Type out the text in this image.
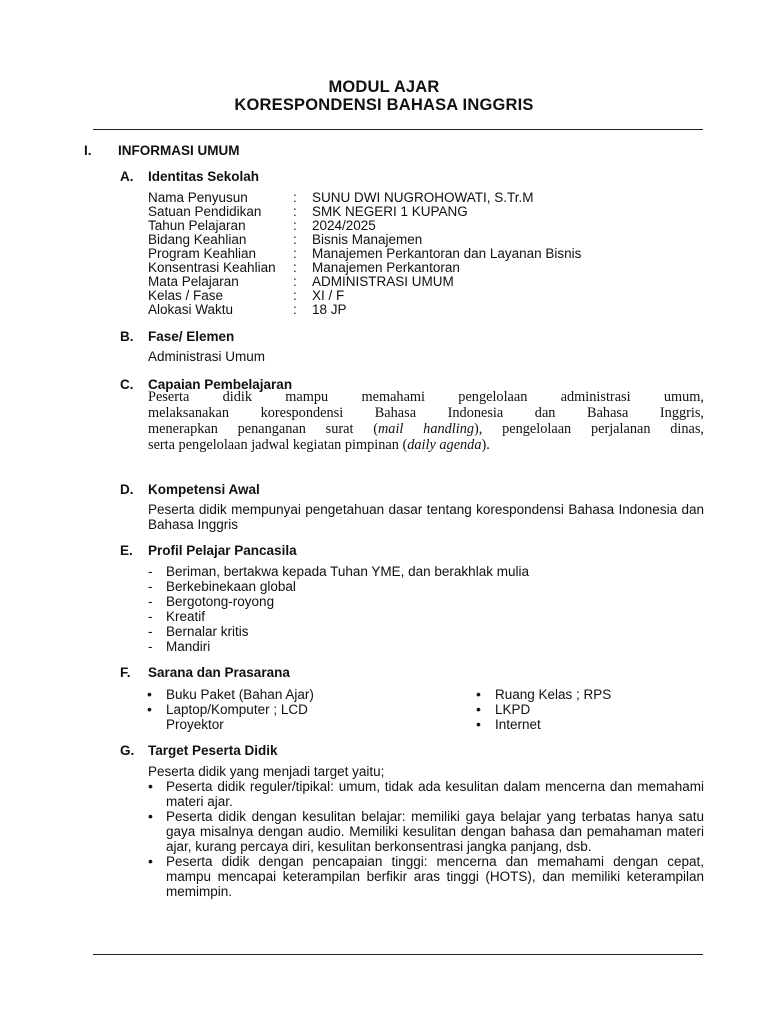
MODUL AJAR
KORESPONDENSI BAHASA INGGRIS
I. INFORMASI UMUM
A. Identitas Sekolah
Nama Penyusun	: SUNU DWI NUGROHOWATI, S.Tr.M
Satuan Pendidikan : SMK NEGERI 1 KUPANG
Tahun Pelajaran	: 2024/2025
Bidang Keahlian	: Bisnis Manajemen
Program Keahlian	: Manajemen Perkantoran dan Layanan Bisnis
Konsentrasi Keahlian : Manajemen Perkantoran
Mata Pelajaran	: ADMINISTRASI UMUM
Kelas / Fase	: XI / F
Alokasi Waktu	: 18 JP
B. Fase/ Elemen
Administrasi Umum
C. Capaian Pembelajaran
Peserta didik mampu memahami pengelolaan administrasi umum,
melaksanakan korespondensi Bahasa Indonesia dan Bahasa Inggris,
menerapkan penanganan surat (mail handling), pengelolaan perjalanan dinas,
serta pengelolaan jadwal kegiatan pimpinan (daily agenda).
D. Kompetensi Awal
Peserta didik mempunyai pengetahuan dasar tentang korespondensi Bahasa Indonesia dan Bahasa Inggris
E. Profil Pelajar Pancasila
- Beriman, bertakwa kepada Tuhan YME, dan berakhlak mulia
- Berkebinekaan global
- Bergotong-royong
- Kreatif
- Bernalar kritis
- Mandiri
F. Sarana dan Prasarana
• Buku Paket (Bahan Ajar)
• Laptop/Komputer ; LCD
Proyektor
• Ruang Kelas ; RPS
• LKPD
• Internet
G. Target Peserta Didik
Peserta didik yang menjadi target yaitu;
• Peserta didik reguler/tipikal: umum, tidak ada kesulitan dalam mencerna dan memahami materi ajar.
• Peserta didik dengan kesulitan belajar: memiliki gaya belajar yang terbatas hanya satu gaya misalnya dengan audio. Memiliki kesulitan dengan bahasa dan pemahaman materi ajar, kurang percaya diri, kesulitan berkonsentrasi jangka panjang, dsb.
• Peserta didik dengan pencapaian tinggi: mencerna dan memahami dengan cepat, mampu mencapai keterampilan berfikir aras tinggi (HOTS), dan memiliki keterampilan memimpin.
